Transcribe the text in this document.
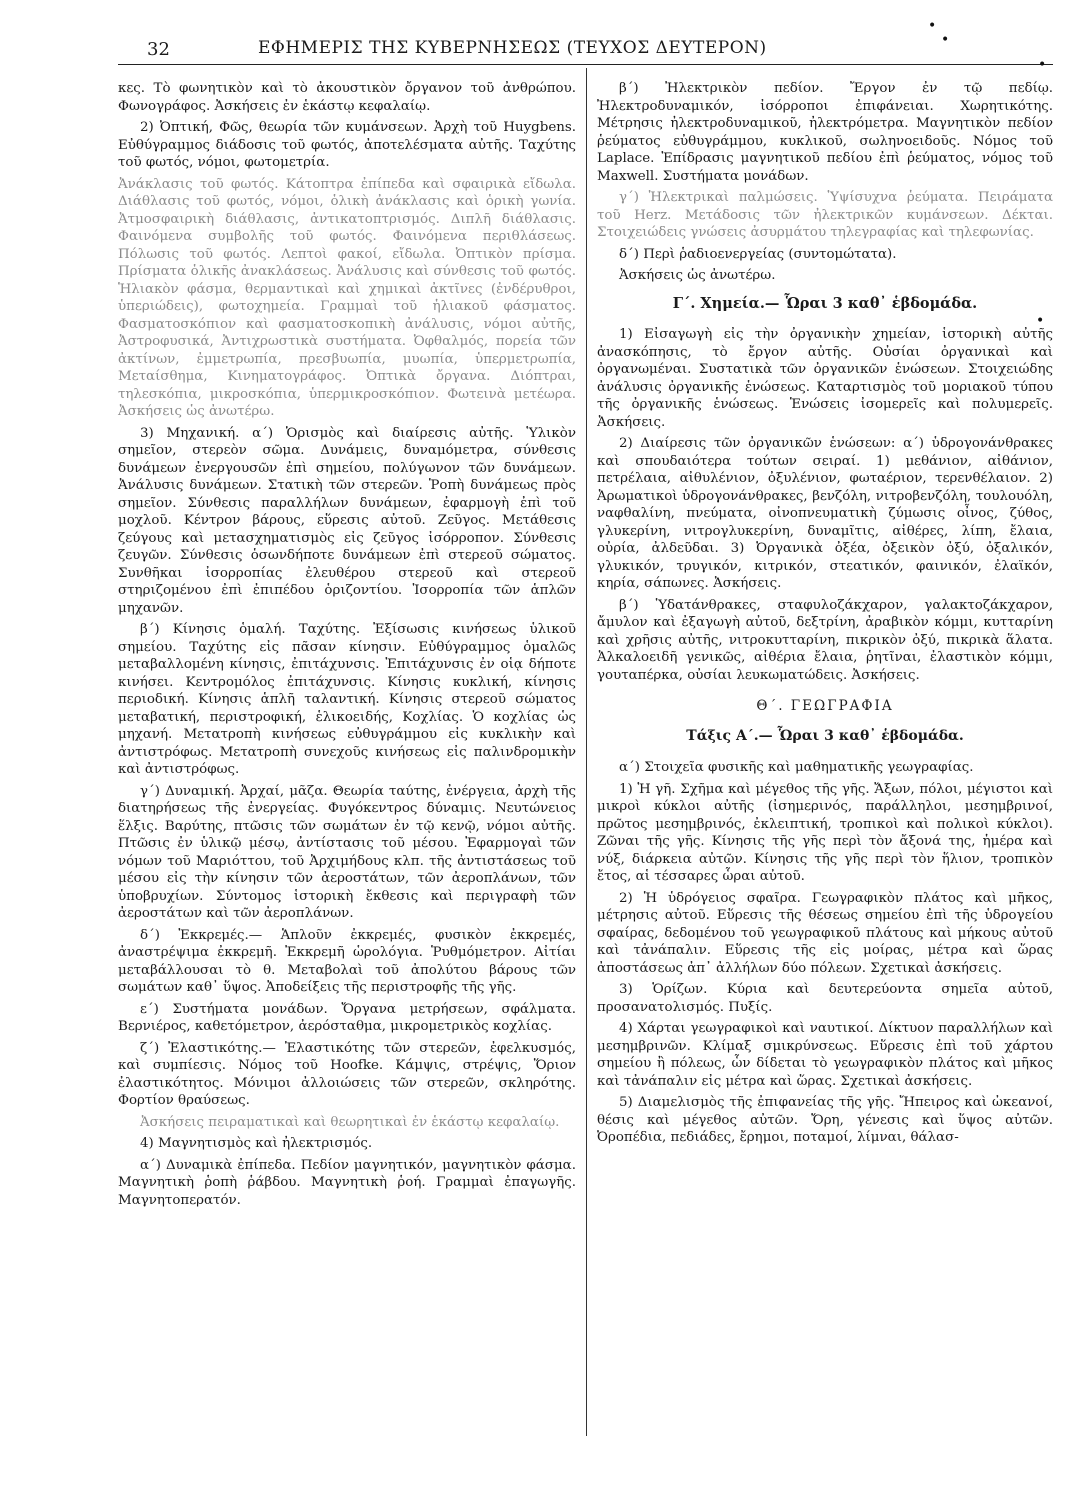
32	ΕΦΗΜΕΡΙΣ ΤΗΣ ΚΥΒΕΡΝΗΣΕΩΣ (ΤΕΥΧΟΣ ΔΕΥΤΕΡΟΝ)
•
•
•
•

κες. Τὸ φωνητικὸν καὶ τὸ ἀκουστικὸν ὄργανον τοῦ ἀνθρώπου. Φωνογράφος. Ἀσκήσεις ἐν ἑκάστῳ κεφαλαίῳ.

2) Ὀπτική, Φῶς, θεωρία τῶν κυμάνσεων. Ἀρχὴ τοῦ Huygbens. Εὐθύγραμμος διάδοσις τοῦ φωτός, ἀποτελέσματα αὐτῆς. Ταχύτης τοῦ φωτός, νόμοι, φωτομετρία.

Ἀνάκλασις τοῦ φωτός. Κάτοπτρα ἐπίπεδα καὶ σφαιρικὰ εἴδωλα. Διάθλασις τοῦ φωτός, νόμοι, ὁλικὴ ἀνάκλασις καὶ ὁρικὴ γωνία. Ἀτμοσφαιρικὴ διάθλασις, ἀντικατοπτρισμός. Διπλῆ διάθλασις. Φαινόμενα συμβολῆς τοῦ φωτός. Φαινόμενα περιθλάσεως. Πόλωσις τοῦ φωτός. Λεπτοὶ φακοί, εἴδωλα. Ὀπτικὸν πρίσμα. Πρίσματα ὁλικῆς ἀνακλάσεως. Ἀνάλυσις καὶ σύνθεσις τοῦ φωτός. Ἡλιακὸν φάσμα, θερμαντικαὶ καὶ χημικαὶ ἀκτῖνες (ἐνδέρυθροι, ὑπεριώδεις), φωτοχημεία. Γραμμαὶ τοῦ ἡλιακοῦ φάσματος. Φασματοσκόπιον καὶ φασματοσκοπικὴ ἀνάλυσις, νόμοι αὐτῆς, Ἀστροφυσικά, Ἀντιχρωστικὰ συστήματα. Ὀφθαλμός, πορεία τῶν ἀκτίνων, ἐμμετρωπία, πρεσβυωπία, μυωπία, ὑπερμετρωπία, Μεταίσθημα, Κινηματογράφος. Ὀπτικὰ ὄργανα. Διόπτραι, τηλεσκόπια, μικροσκόπια, ὑπερμικροσκόπιον. Φωτεινὰ μετέωρα. Ἀσκήσεις ὡς ἀνωτέρω.

3) Μηχανική. α΄) Ὁρισμὸς καὶ διαίρεσις αὐτῆς. Ὑλικὸν σημεῖον, στερεὸν σῶμα. Δυνάμεις, δυναμόμετρα, σύνθεσις δυνάμεων ἐνεργουσῶν ἐπὶ σημείου, πολύγωνον τῶν δυνάμεων. Ἀνάλυσις δυνάμεων. Στατικὴ τῶν στερεῶν. Ῥοπὴ δυνάμεως πρὸς σημεῖον. Σύνθεσις παραλλήλων δυνάμεων, ἐφαρμογὴ ἐπὶ τοῦ μοχλοῦ. Κέντρον βάρους, εὕρεσις αὐτοῦ. Ζεῦγος. Μετάθεσις ζεύγους καὶ μετασχηματισμὸς εἰς ζεῦγος ἰσόρροπον. Σύνθεσις ζευγῶν. Σύνθεσις ὁσωνδήποτε δυνάμεων ἐπὶ στερεοῦ σώματος. Συνθῆκαι ἰσορροπίας ἐλευθέρου στερεοῦ καὶ στερεοῦ στηριζομένου ἐπὶ ἐπιπέδου ὁριζοντίου. Ἰσορροπία τῶν ἁπλῶν μηχανῶν.

β΄) Κίνησις ὁμαλή. Ταχύτης. Ἐξίσωσις κινήσεως ὑλικοῦ σημείου. Ταχύτης εἰς πᾶσαν κίνησιν. Εὐθύγραμμος ὁμαλῶς μεταβαλλομένη κίνησις, ἐπιτάχυνσις. Ἐπιτάχυνσις ἐν οἱᾳ δήποτε κινήσει. Κεντρομόλος ἐπιτάχυνσις. Κίνησις κυκλική, κίνησις περιοδική. Κίνησις ἁπλῆ ταλαντική. Κίνησις στερεοῦ σώματος μεταβατική, περιστροφική, ἑλικοειδής, Κοχλίας. Ὁ κοχλίας ὡς μηχανή. Μετατροπὴ κινήσεως εὐθυγράμμου εἰς κυκλικὴν καὶ ἀντιστρόφως. Μετατροπὴ συνεχοῦς κινήσεως εἰς παλινδρομικὴν καὶ ἀντιστρόφως.

γ΄) Δυναμική. Ἀρχαί, μᾶζα. Θεωρία ταύτης, ἐνέργεια, ἀρχὴ τῆς διατηρήσεως τῆς ἐνεργείας. Φυγόκεντρος δύναμις. Νευτώνειος ἕλξις. Βαρύτης, πτῶσις τῶν σωμάτων ἐν τῷ κενῷ, νόμοι αὐτῆς. Πτῶσις ἐν ὑλικῷ μέσῳ, ἀντίστασις τοῦ μέσου. Ἐφαρμογαὶ τῶν νόμων τοῦ Μαριόττου, τοῦ Ἀρχιμήδους κλπ. τῆς ἀντιστάσεως τοῦ μέσου εἰς τὴν κίνησιν τῶν ἀεροστάτων, τῶν ἀεροπλάνων, τῶν ὑποβρυχίων. Σύντομος ἱστορικὴ ἔκθεσις καὶ περιγραφὴ τῶν ἀεροστάτων καὶ τῶν ἀεροπλάνων.

δ΄) Ἐκκρεμές.— Ἁπλοῦν ἐκκρεμές, φυσικὸν ἐκκρεμές, ἀναστρέψιμα ἐκκρεμῆ. Ἐκκρεμῆ ὡρολόγια. Ῥυθμόμετρον. Αἰτίαι μεταβάλλουσαι τὸ θ. Μεταβολαὶ τοῦ ἀπολύτου βάρους τῶν σωμάτων καθ᾽ ὕψος. Ἀποδείξεις τῆς περιστροφῆς τῆς γῆς.

ε΄) Συστήματα μονάδων. Ὄργανα μετρήσεων, σφάλματα. Βερνιέρος, καθετόμετρον, ἀερόσταθμα, μικρομετρικὸς κοχλίας.

ζ΄) Ἐλαστικότης.— Ἐλαστικότης τῶν στερεῶν, ἐφελκυσμός, καὶ συμπίεσις. Νόμος τοῦ Hoofke. Κάμψις, στρέψις, Ὅριον ἐλαστικότητος. Μόνιμοι ἀλλοιώσεις τῶν στερεῶν, σκληρότης. Φορτίον θραύσεως.

Ἀσκήσεις πειραματικαὶ καὶ θεωρητικαὶ ἐν ἑκάστῳ κεφαλαίῳ.

4) Μαγνητισμὸς καὶ ἠλεκτρισμός.

α΄) Δυναμικὰ ἐπίπεδα. Πεδίον μαγνητικόν, μαγνητικὸν φάσμα. Μαγνητικὴ ῥοπὴ ῥάβδου. Μαγνητικὴ ῥοή. Γραμμαὶ ἐπαγωγῆς. Μαγνητοπερατόν.

β΄) Ἠλεκτρικὸν πεδίον. Ἔργον ἐν τῷ πεδίῳ. Ἠλεκτροδυναμικόν, ἰσόρροποι ἐπιφάνειαι. Χωρητικότης. Μέτρησις ἠλεκτροδυναμικοῦ, ἠλεκτρόμετρα. Μαγνητικὸν πεδίον ῥεύματος εὐθυγράμμου, κυκλικοῦ, σωληνοειδοῦς. Νόμος τοῦ Laplace. Ἐπίδρασις μαγνητικοῦ πεδίου ἐπὶ ῥεύματος, νόμος τοῦ Maxwell. Συστήματα μονάδων.

γ΄) Ἠλεκτρικαὶ παλμώσεις. Ὑψίσυχνα ῥεύματα. Πειράματα τοῦ Herz. Μετάδοσις τῶν ἠλεκτρικῶν κυμάνσεων. Δέκται. Στοιχειώδεις γνώσεις ἀσυρμάτου τηλεγραφίας καὶ τηλεφωνίας.

δ΄) Περὶ ῥαδιοενεργείας (συντομώτατα).

Ἀσκήσεις ὡς ἀνωτέρω.

Γ΄. Χημεία.— Ὧραι 3 καθ᾽ ἑβδομάδα.

1) Εἰσαγωγὴ εἰς τὴν ὀργανικὴν χημείαν, ἱστορικὴ αὐτῆς ἀνασκόπησις, τὸ ἔργον αὐτῆς. Οὐσίαι ὀργανικαὶ καὶ ὀργανωμέναι. Συστατικὰ τῶν ὀργανικῶν ἑνώσεων. Στοιχειώδης ἀνάλυσις ὀργανικῆς ἑνώσεως. Καταρτισμὸς τοῦ μοριακοῦ τύπου τῆς ὀργανικῆς ἑνώσεως. Ἑνώσεις ἰσομερεῖς καὶ πολυμερεῖς. Ἀσκήσεις.

2) Διαίρεσις τῶν ὀργανικῶν ἑνώσεων: α΄) ὑδρογονάνθρακες καὶ σπουδαιότερα τούτων σειραί. 1) μεθάνιον, αἰθάνιον, πετρέλαια, αἰθυλένιον, ὀξυλένιον, φωταέριον, τερενθέλαιον. 2) Ἀρωματικοὶ ὑδρογονάνθρακες, βενζόλη, νιτροβενζόλη, τουλουόλη, ναφθαλίνη, πνεύματα, οἰνοπνευματικὴ ζύμωσις οἶνος, ζύθος, γλυκερίνη, νιτρογλυκερίνη, δυναμῖτις, αἰθέρες, λίπη, ἔλαια, οὐρία, ἀλδεῦδαι. 3) Ὀργανικὰ ὀξέα, ὀξεικὸν ὀξύ, ὀξαλικόν, γλυκικόν, τρυγικόν, κιτρικόν, στεατικόν, φαινικόν, ἐλαϊκόν, κηρία, σάπωνες. Ἀσκήσεις.

β΄) Ὑδατάνθρακες, σταφυλοζάκχαρον, γαλακτοζάκχαρον, ἄμυλον καὶ ἐξαγωγὴ αὐτοῦ, δεξτρίνη, ἀραβικὸν κόμμι, κυτταρίνη καὶ χρῆσις αὐτῆς, νιτροκυτταρίνη, πικρικὸν ὀξύ, πικρικὰ ἅλατα. Ἀλκαλοειδῆ γενικῶς, αἰθέρια ἔλαια, ῥητῖναι, ἐλαστικὸν κόμμι, γουταπέρκα, οὐσίαι λευκωματώδεις. Ἀσκήσεις.

Θ΄. ΓΕΩΓΡΑΦΙΑ
Τάξις Α΄.— Ὧραι 3 καθ᾽ ἑβδομάδα.

α΄) Στοιχεῖα φυσικῆς καὶ μαθηματικῆς γεωγραφίας.

1) Ἡ γῆ. Σχῆμα καὶ μέγεθος τῆς γῆς. Ἄξων, πόλοι, μέγιστοι καὶ μικροὶ κύκλοι αὐτῆς (ἰσημερινός, παράλληλοι, μεσημβρινοί, πρῶτος μεσημβρινός, ἐκλειπτική, τροπικοὶ καὶ πολικοὶ κύκλοι). Ζῶναι τῆς γῆς. Κίνησις τῆς γῆς περὶ τὸν ἄξονά της, ἡμέρα καὶ νύξ, διάρκεια αὐτῶν. Κίνησις τῆς γῆς περὶ τὸν ἥλιον, τροπικὸν ἔτος, αἱ τέσσαρες ὧραι αὐτοῦ.

2) Ἡ ὑδρόγειος σφαῖρα. Γεωγραφικὸν πλάτος καὶ μῆκος, μέτρησις αὐτοῦ. Εὕρεσις τῆς θέσεως σημείου ἐπὶ τῆς ὑδρογείου σφαίρας, δεδομένου τοῦ γεωγραφικοῦ πλάτους καὶ μήκους αὐτοῦ καὶ τἀνάπαλιν. Εὕρεσις τῆς εἰς μοίρας, μέτρα καὶ ὥρας ἀποστάσεως ἀπ᾽ ἀλλήλων δύο πόλεων. Σχετικαὶ ἀσκήσεις.

3) Ὁρίζων. Κύρια καὶ δευτερεύοντα σημεῖα αὐτοῦ, προσανατολισμός. Πυξίς.

4) Χάρται γεωγραφικοὶ καὶ ναυτικοί. Δίκτυον παραλλήλων καὶ μεσημβρινῶν. Κλίμαξ σμικρύνσεως. Εὕρεσις ἐπὶ τοῦ χάρτου σημείου ἢ πόλεως, ὧν δίδεται τὸ γεωγραφικὸν πλάτος καὶ μῆκος καὶ τἀνάπαλιν εἰς μέτρα καὶ ὥρας. Σχετικαὶ ἀσκήσεις.

5) Διαμελισμὸς τῆς ἐπιφανείας τῆς γῆς. Ἤπειρος καὶ ὠκεανοί, θέσις καὶ μέγεθος αὐτῶν. Ὄρη, γένεσις καὶ ὕψος αὐτῶν. Ὀροπέδια, πεδιάδες, ἔρημοι, ποταμοί, λίμναι, θάλασ-
